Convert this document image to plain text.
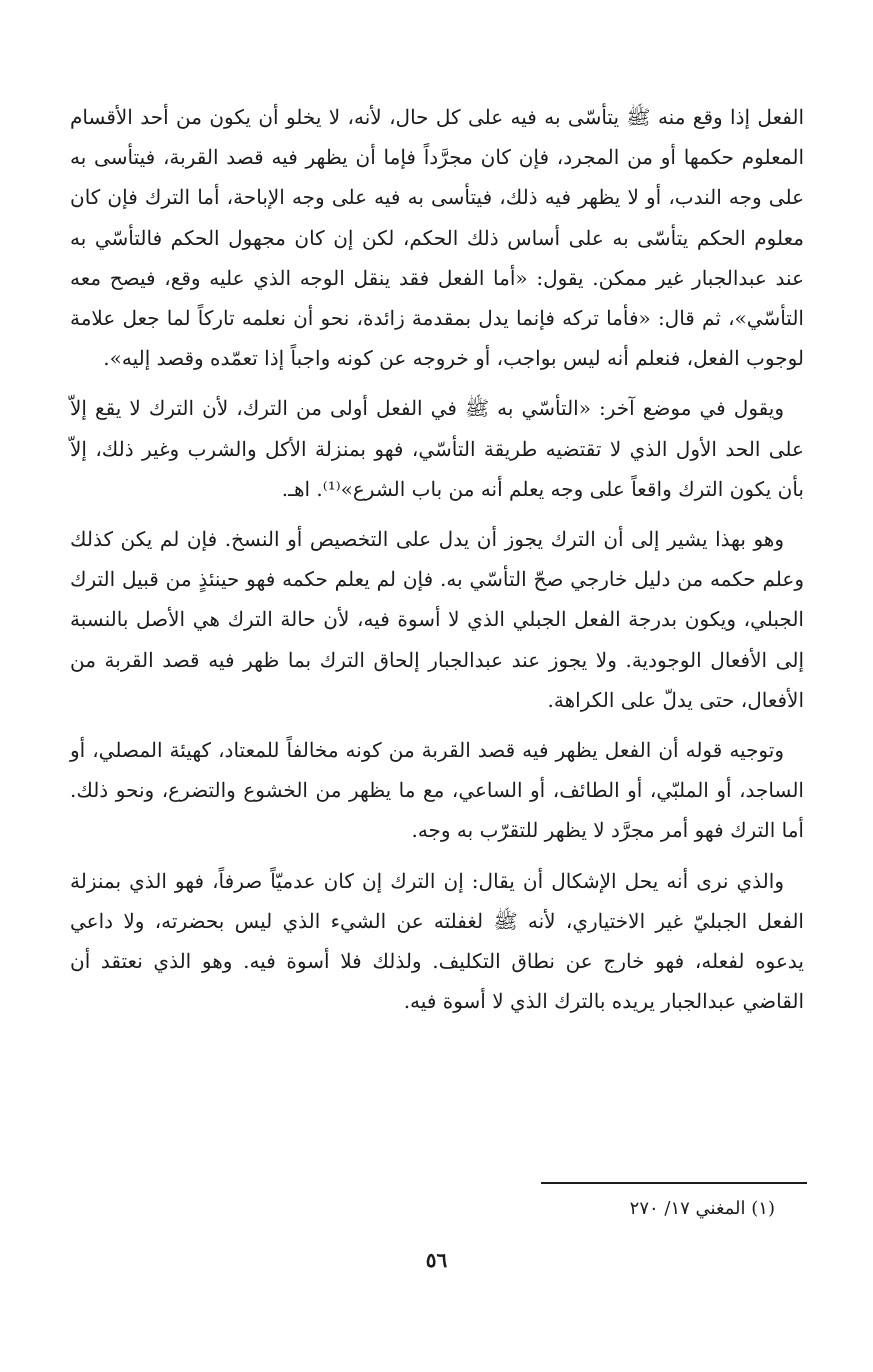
الفعل إذا وقع منه ﷺ يتأسّى به فيه على كل حال، لأنه، لا يخلو أن يكون من أحد الأقسام المعلوم حكمها أو من المجرد، فإن كان مجرَّداً فإما أن يظهر فيه قصد القربة، فيتأسى به على وجه الندب، أو لا يظهر فيه ذلك، فيتأسى به فيه على وجه الإباحة، أما الترك فإن كان معلوم الحكم يتأسّى به على أساس ذلك الحكم، لكن إن كان مجهول الحكم فالتأسّي به عند عبدالجبار غير ممكن. يقول: «أما الفعل فقد ينقل الوجه الذي عليه وقع، فيصح معه التأسّي»، ثم قال: «فأما تركه فإنما يدل بمقدمة زائدة، نحو أن نعلمه تاركاً لما جعل علامة لوجوب الفعل، فنعلم أنه ليس بواجب، أو خروجه عن كونه واجباً إذا تعمّده وقصد إليه».

ويقول في موضع آخر: «التأسّي به ﷺ في الفعل أولى من الترك، لأن الترك لا يقع إلاّ على الحد الأول الذي لا تقتضيه طريقة التأسّي، فهو بمنزلة الأكل والشرب وغير ذلك، إلاّ بأن يكون الترك واقعاً على وجه يعلم أنه من باب الشرع»⁽¹⁾. اهـ.

وهو بهذا يشير إلى أن الترك يجوز أن يدل على التخصيص أو النسخ. فإن لم يكن كذلك وعلم حكمه من دليل خارجي صحّ التأسّي به. فإن لم يعلم حكمه فهو حينئذٍ من قبيل الترك الجبلي، ويكون بدرجة الفعل الجبلي الذي لا أسوة فيه، لأن حالة الترك هي الأصل بالنسبة إلى الأفعال الوجودية. ولا يجوز عند عبدالجبار إلحاق الترك بما ظهر فيه قصد القربة من الأفعال، حتى يدلّ على الكراهة.

وتوجيه قوله أن الفعل يظهر فيه قصد القربة من كونه مخالفاً للمعتاد، كهيئة المصلي، أو الساجد، أو الملبّي، أو الطائف، أو الساعي، مع ما يظهر من الخشوع والتضرع، ونحو ذلك. أما الترك فهو أمر مجرَّد لا يظهر للتقرّب به وجه.

والذي نرى أنه يحل الإشكال أن يقال: إن الترك إن كان عدميّاً صرفاً، فهو الذي بمنزلة الفعل الجبليّ غير الاختياري، لأنه ﷺ لغفلته عن الشيء الذي ليس بحضرته، ولا داعي يدعوه لفعله، فهو خارج عن نطاق التكليف. ولذلك فلا أسوة فيه. وهو الذي نعتقد أن القاضي عبدالجبار يريده بالترك الذي لا أسوة فيه.

(١) المغني ١٧/ ٢٧٠
٥٦
